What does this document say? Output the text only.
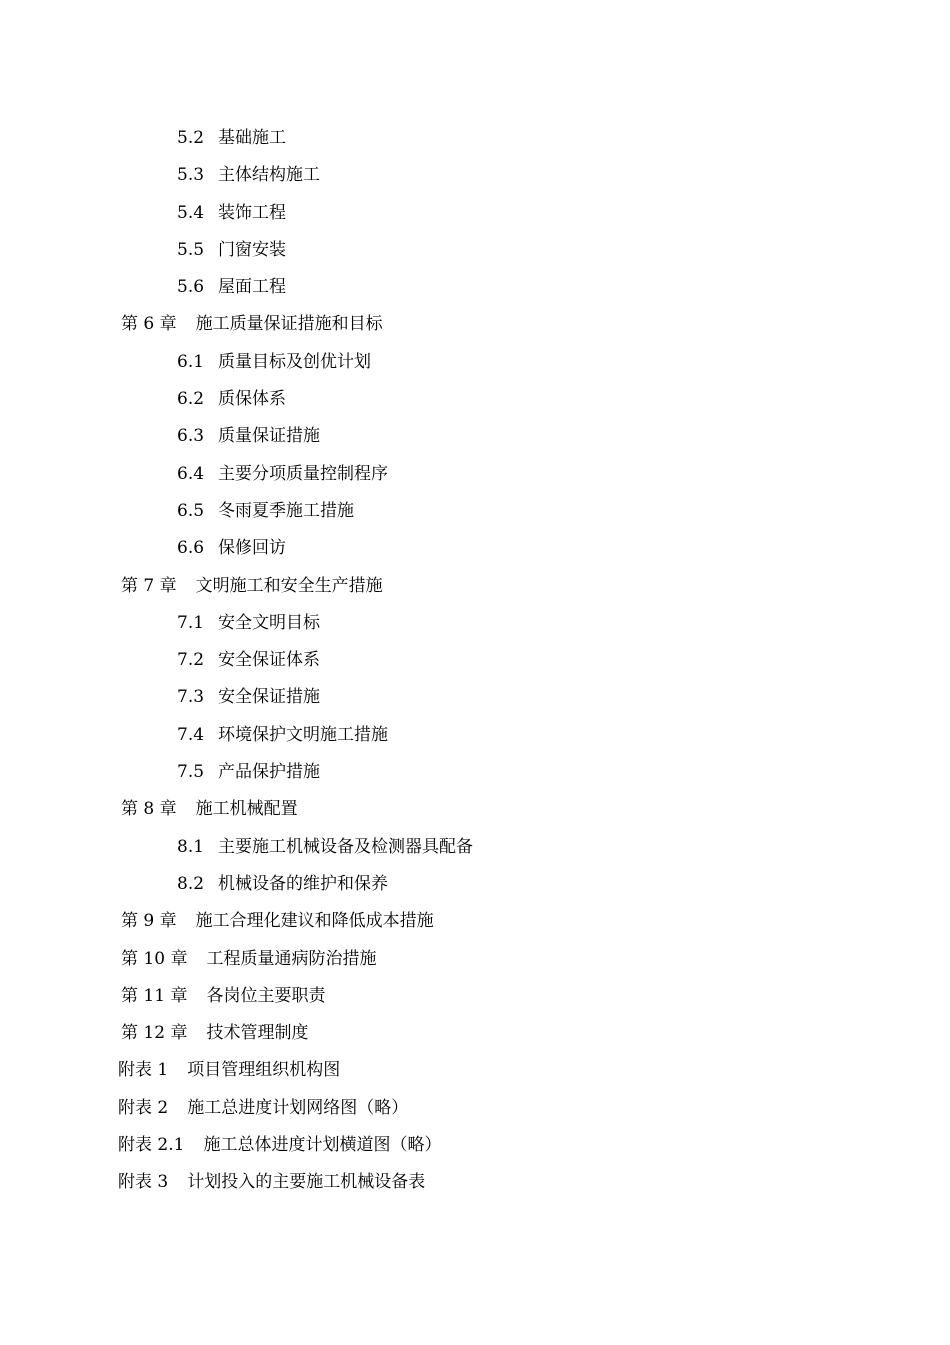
5.2 基础施工
5.3 主体结构施工
5.4 装饰工程
5.5 门窗安装
5.6 屋面工程
第 6 章 施工质量保证措施和目标
6.1 质量目标及创优计划
6.2 质保体系
6.3 质量保证措施
6.4 主要分项质量控制程序
6.5 冬雨夏季施工措施
6.6 保修回访
第 7 章 文明施工和安全生产措施
7.1 安全文明目标
7.2 安全保证体系
7.3 安全保证措施
7.4 环境保护文明施工措施
7.5 产品保护措施
第 8 章 施工机械配置
8.1 主要施工机械设备及检测器具配备
8.2 机械设备的维护和保养
第 9 章 施工合理化建议和降低成本措施
第 10 章 工程质量通病防治措施
第 11 章 各岗位主要职责
第 12 章 技术管理制度
附表 1 项目管理组织机构图
附表 2 施工总进度计划网络图（略）
附表 2.1 施工总体进度计划横道图（略）
附表 3 计划投入的主要施工机械设备表
